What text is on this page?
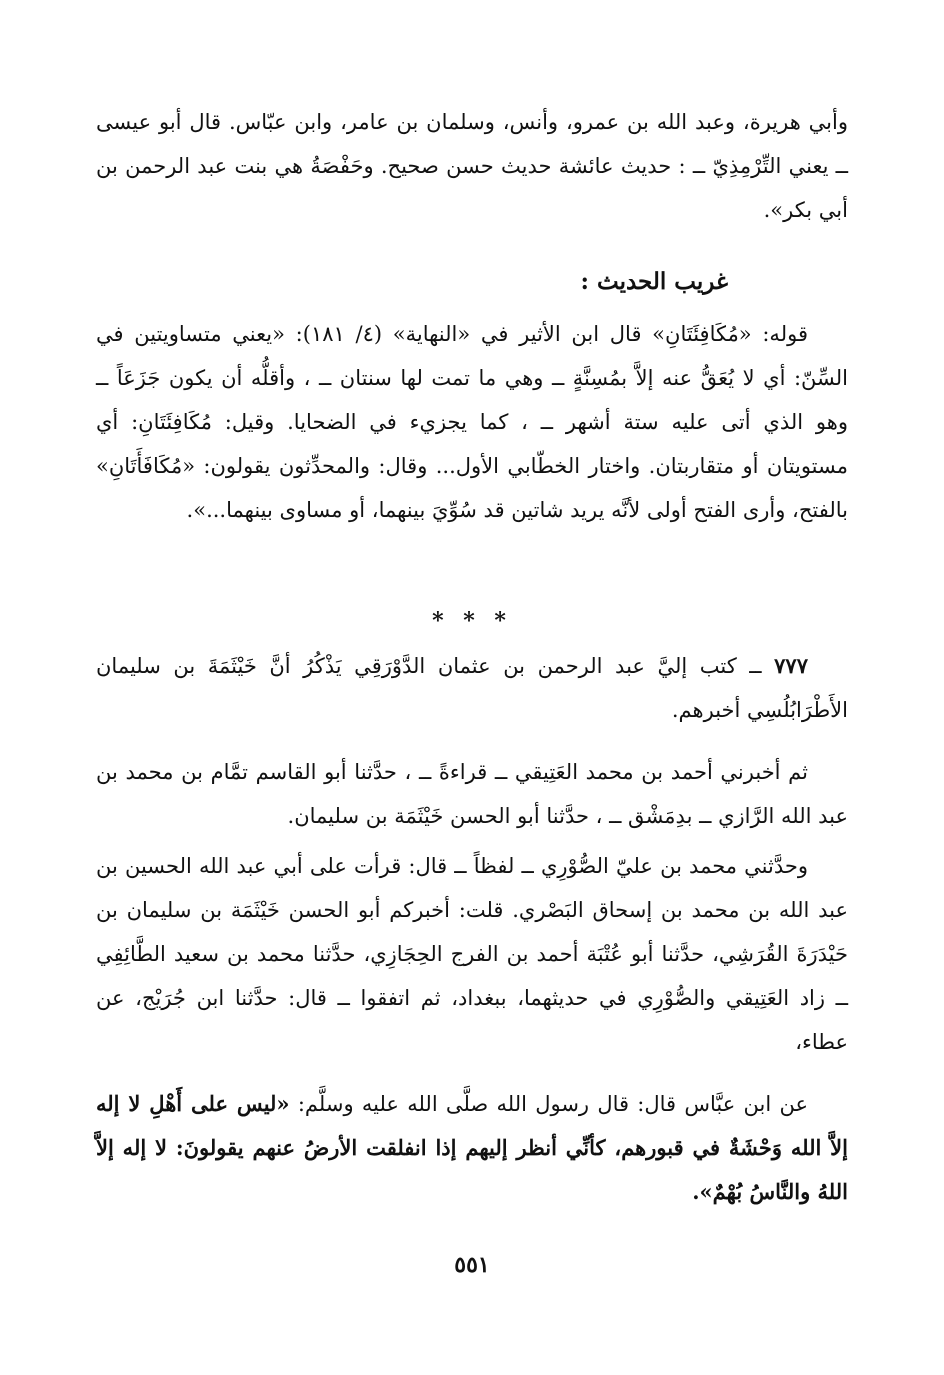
وأبي هريرة، وعبد الله بن عمرو، وأنس، وسلمان بن عامر، وابن عبّاس. قال أبو عيسى ــ يعني التِّرْمِذِيّ ــ : حديث عائشة حديث حسن صحيح. وحَفْصَةُ هي بنت عبد الرحمن بن أبي بكر».

غريب الحديث :

قوله: «مُكَافِئَتَانِ» قال ابن الأثير في «النهاية» (٤/ ١٨١): «يعني متساويتين في السِّنّ: أي لا يُعَقُّ عنه إلاَّ بمُسِنَّةٍ ــ وهي ما تمت لها سنتان ــ ، وأقلُّه أن يكون جَزَعَاً ــ وهو الذي أتى عليه ستة أشهر ــ ، كما يجزيء في الضحايا. وقيل: مُكَافِئَتَانِ: أي مستويتان أو متقاربتان. واختار الخطّابي الأول... وقال: والمحدِّثون يقولون: «مُكَافَأَتَانِ» بالفتح، وأرى الفتح أولى لأنَّه يريد شاتين قد سُوِّيَ بينهما، أو مساوى بينهما...».

* * *

٧٧٧ ــ كتب إليَّ عبد الرحمن بن عثمان الدَّوْرَقِي يَذْكُرُ أنَّ خَيْثَمَةَ بن سليمان الأَطْرَابُلُسِي أخبرهم.

ثم أخبرني أحمد بن محمد العَتِيقي ــ قراءةً ــ ، حدَّثنا أبو القاسم تمَّام بن محمد بن عبد الله الرَّازي ــ بدِمَشْق ــ ، حدَّثنا أبو الحسن خَيْثَمَة بن سليمان.

وحدَّثني محمد بن عليّ الصُّوْرِي ــ لفظاً ــ قال: قرأت على أبي عبد الله الحسين بن عبد الله بن محمد بن إسحاق البَصْري. قلت: أخبركم أبو الحسن خَيْثَمَة بن سليمان بن حَيْدَرَةَ القُرَشِي، حدَّثنا أبو عُتْبَة أحمد بن الفرج الحِجَازِي، حدَّثنا محمد بن سعيد الطَّائِفِي ــ زاد العَتِيقي والصُّوْرِي في حديثهما، ببغداد، ثم اتفقوا ــ قال: حدَّثنا ابن جُرَيْج، عن عطاء،

عن ابن عبَّاس قال: قال رسول الله صلَّى الله عليه وسلَّم: «ليس على أَهْلِ لا إله إلاَّ الله وَحْشَةٌ في قبورهم، كأنِّي أنظر إليهم إذا انفلقت الأرضُ عنهم يقولونَ: لا إله إلاَّ اللهُ والنَّاسُ بُهْمٌ».

٥٥١
